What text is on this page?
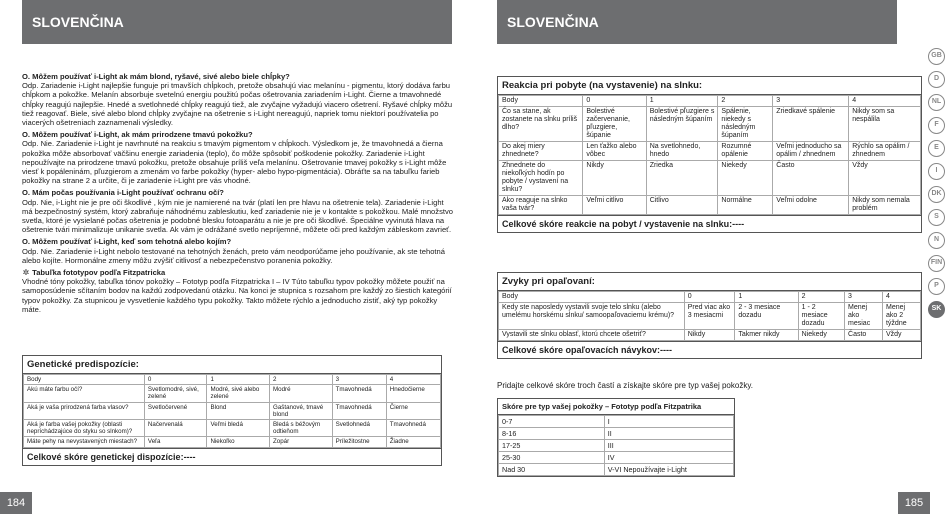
SLOVENČINA

O. Môžem používať i-Light ak mám blond, ryšavé, sivé alebo biele chĺpky?
Odp. Zariadenie i-Light najlepšie funguje pri tmavších chĺpkoch, pretože obsahujú viac melanínu - pigmentu, ktorý dodáva farbu chĺpkom a pokožke. Melanín absorbuje svetelnú energiu použitú počas ošetrovania zariadením i-Light. Čierne a tmavohnedé chĺpky reagujú najlepšie. Hnedé a svetlohnedé chĺpky reagujú tiež, ale zvyčajne vyžadujú viacero ošetrení. Ryšavé chĺpky môžu tiež reagovať. Biele, sivé alebo blond chĺpky zvyčajne na ošetrenie s i-Light nereagujú, napriek tomu niektorí používatelia po viacerých ošetreniach zaznamenali výsledky.

O. Môžem používať i-Light, ak mám prirodzene tmavú pokožku?
Odp. Nie. Zariadenie i-Light je navrhnuté na reakciu s tmavým pigmentom v chĺpkoch. Výsledkom je, že tmavohnedá a čierna pokožka môže absorbovať väčšinu energie zariadenia (teplo), čo môže spôsobiť poškodenie pokožky. Zariadenie i-Light nepoužívajte na prirodzene tmavú pokožku, pretože obsahuje príliš veľa melanínu. Ošetrovanie tmavej pokožky s i-Light môže viesť k popáleninám, pľuzgierom a zmenám vo farbe pokožky (hyper- alebo hypo-pigmentácia). Obráťte sa na tabuľku farieb pokožky na strane 2 a určite, či je zariadenie i-Light pre vás vhodné.

O. Mám počas používania i-Light používať ochranu očí?
Odp. Nie, i-Light nie je pre oči škodlivé , kým nie je namierené na tvár (platí len pre hlavu na ošetrenie tela). Zariadenie i-Light má bezpečnostný systém, ktorý zabraňuje náhodnému zableskutiu, keď zariadenie nie je v kontakte s pokožkou. Malé množstvo svetla, ktoré je vysielané počas ošetrenia je podobné blesku fotoaparátu a nie je pre oči škodlivé. Špeciálne vyvinutá hlava na ošetrenie tvári minimalizuje unikanie svetla. Ak vám je odrážané svetlo nepríjemné, môžete oči pred každým zábleskom zavrieť.

O. Môžem používať i-Light, keď som tehotná alebo kojím?
Odp. Nie. Zariadenie i-Light nebolo testované na tehotných ženách, preto vám neodporúčame jeho používanie, ak ste tehotná alebo kojíte. Hormonálne zmeny môžu zvýšiť citlivosť a nebezpečenstvo poranenia pokožky.

✲ Tabuľka fototypov podľa Fitzpatricka
Vhodné tóny pokožky, tabuľka tónov pokožky – Fototyp podľa Fitzpatricka I – IV Túto tabuľku typov pokožky môžete použiť na samoposúdenie sčítaním bodov na každú zodpovedanú otázku. Na konci je stupnica s rozsahom pre každý zo šiestich kategórií typov pokožky. Za stupnicou je vysvetlenie každého typu pokožky. Takto môžete rýchlo a jednoducho zistiť, aký typ pokožky máte.

Genetické predispozície:
Body	0	1	2	3	4
Akú máte farbu očí?	Svetlomodré, sivé, zelené	Modré, sivé alebo zelené	Modré	Tmavohnedá	Hnedočierne
Aká je vaša prirodzená farba vlasov?	Svetločervené	Blond	Gaštanové, tmavé blond	Tmavohnedá	Čierne
Aká je farba vašej pokožky (oblasti nepríchádzajúce do styku so slnkom)?	Načervenalá	Veľmi bledá	Bledá s béžovým odtieňom	Svetlohnedá	Tmavohnedá
Máte pehy na nevystavených miestach?	Veľa	Niekoľko	Zopár	Príležitostne	Žiadne
Celkové skóre genetickej dispozície:----
184
SLOVENČINA
Reakcia pri pobyte (na vystavenie) na slnku:
Body	0	1	2	3	4
Čo sa stane, ak zostanete na slnku príliš dlho?	Bolestivé začervenanie, pľuzgiere, šúpanie	Bolestivé pľuzgiere s následným šúpaním	Spálenie, niekedy s následným šúpaním	Zriedkavé spálenie	Nikdy som sa nespálila
Do akej miery zhnednete?	Len ťažko alebo vôbec	Na svetlohnedo, hnedo	Rozumné opálenie	Veľmi jednoducho sa opálim / zhnednem	Rýchlo sa opálim / zhnednem
Zhnednete do niekoľkých hodín po pobyte / vystavení na slnku?	Nikdy	Zriedka	Niekedy	Často	Vždy
Ako reaguje na slnko vaša tvár?	Veľmi citlivo	Citlivo	Normálne	Veľmi odolne	Nikdy som nemala problém
Celkové skóre reakcie na pobyt / vystavenie na slnku:----
Zvyky pri opaľovaní:
Body	0	1	2	3	4
Kedy ste naposledy vystavili svoje telo slnku (alebo umelému horskému slnku/ samoopaľovaciemu krému)?	Pred viac ako 3 mesiacmi	2 - 3 mesiace dozadu	1 - 2 mesiace dozadu	Menej ako mesiac	Menej ako 2 týždne
Vystavili ste slnku oblasť, ktorú chcete ošetriť?	Nikdy	Takmer nikdy	Niekedy	Často	Vždy
Celkové skóre opaľovacích návykov:----
Pridajte celkové skóre troch častí a získajte skóre pre typ vašej pokožky.
Skóre pre typ vašej pokožky – Fototyp podľa Fitzpatrika
0-7	I
8-16	II
17-25	III
25-30	IV
Nad 30	V-VI Nepoužívajte i-Light
GB
D
NL
F
E
I
DK
S
N
FIN
P
SK
185
